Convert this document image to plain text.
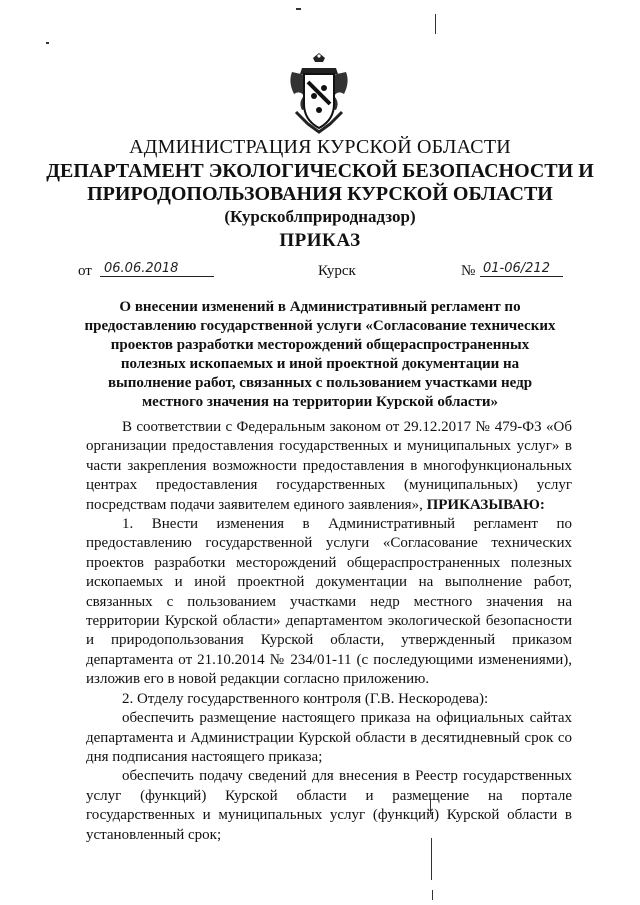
АДМИНИСТРАЦИЯ КУРСКОЙ ОБЛАСТИ
ДЕПАРТАМЕНТ ЭКОЛОГИЧЕСКОЙ БЕЗОПАСНОСТИ И
ПРИРОДОПОЛЬЗОВАНИЯ КУРСКОЙ ОБЛАСТИ
(Курскоблприроднадзор)
ПРИКАЗ
от 06.06.2018	Курск	№ 01-06/212
О внесении изменений в Административный регламент по
предоставлению государственной услуги «Согласование технических
проектов разработки месторождений общераспространенных
полезных ископаемых и иной проектной документации на
выполнение работ, связанных с пользованием участками недр
местного значения на территории Курской области»

В соответствии с Федеральным законом от 29.12.2017 № 479-ФЗ «Об организации предоставления государственных и муниципальных услуг» в части закрепления возможности предоставления в многофункциональных центрах предоставления государственных (муниципальных) услуг посредствам подачи заявителем единого заявления», ПРИКАЗЫВАЮ:

1. Внести изменения в Административный регламент по предоставлению государственной услуги «Согласование технических проектов разработки месторождений общераспространенных полезных ископаемых и иной проектной документации на выполнение работ, связанных с пользованием участками недр местного значения на территории Курской области» департаментом экологической безопасности и природопользования Курской области, утвержденный приказом департамента от 21.10.2014 № 234/01-11 (с последующими изменениями), изложив его в новой редакции согласно приложению.

2. Отделу государственного контроля (Г.В. Нескородева):

обеспечить размещение настоящего приказа на официальных сайтах департамента и Администрации Курской области в десятидневный срок со дня подписания настоящего приказа;

обеспечить подачу сведений для внесения в Реестр государственных услуг (функций) Курской области и размещение на портале государственных и муниципальных услуг (функций) Курской области в установленный срок;
